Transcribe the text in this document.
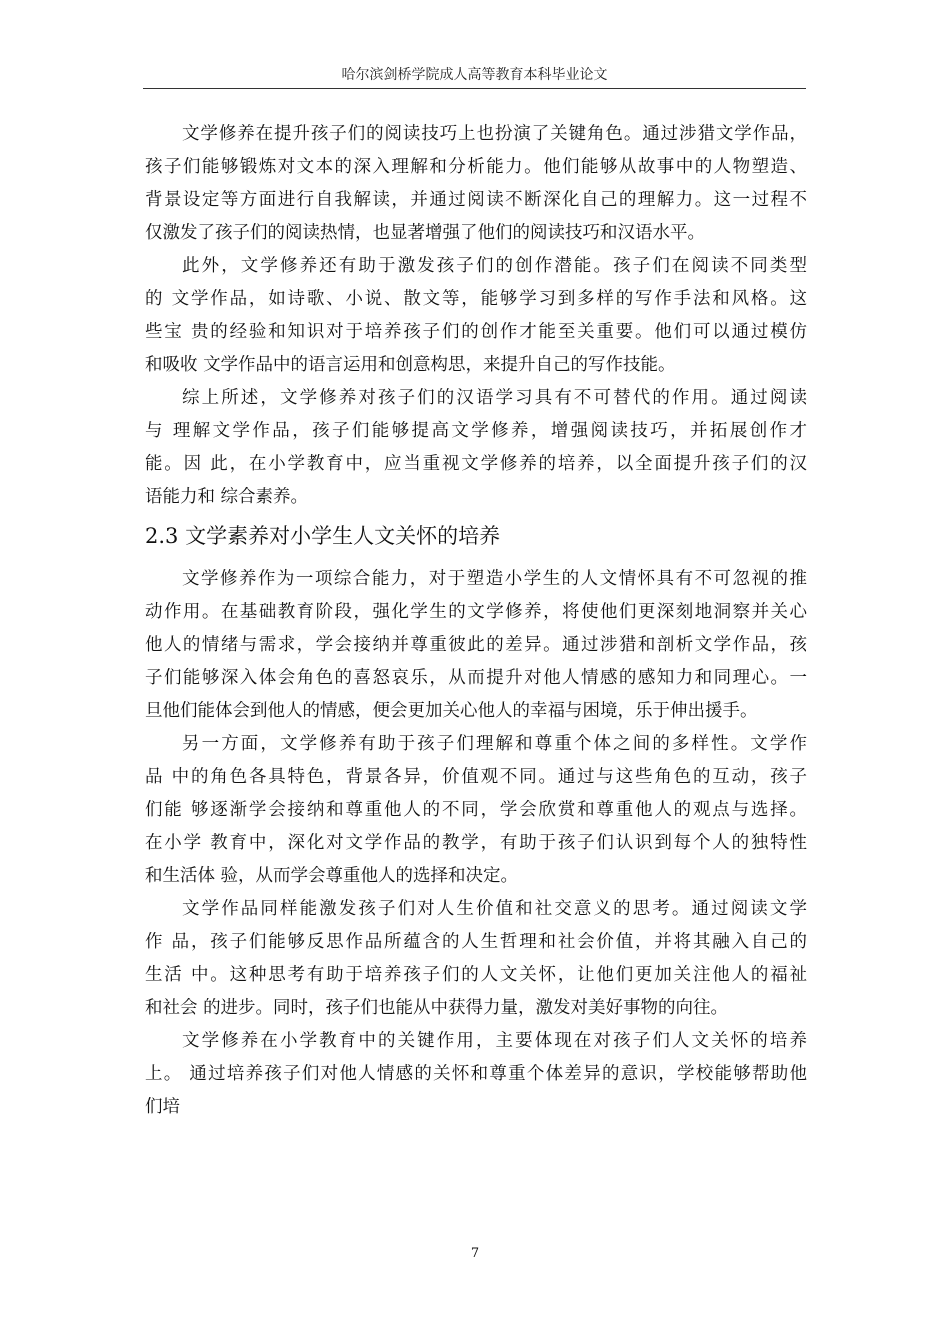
哈尔滨剑桥学院成人高等教育本科毕业论文
文学修养在提升孩子们的阅读技巧上也扮演了关键角色。通过涉猎文学作品，
孩子们能够锻炼对文本的深入理解和分析能力。他们能够从故事中的人物塑造、
背景设定等方面进行自我解读，并通过阅读不断深化自己的理解力。这一过程不
仅激发了孩子们的阅读热情，也显著增强了他们的阅读技巧和汉语水平。
此外，文学修养还有助于激发孩子们的创作潜能。孩子们在阅读不同类型
的 文学作品，如诗歌、小说、散文等，能够学习到多样的写作手法和风格。这
些宝 贵的经验和知识对于培养孩子们的创作才能至关重要。他们可以通过模仿
和吸收 文学作品中的语言运用和创意构思，来提升自己的写作技能。
综上所述，文学修养对孩子们的汉语学习具有不可替代的作用。通过阅读
与 理解文学作品，孩子们能够提高文学修养，增强阅读技巧，并拓展创作才
能。因 此，在小学教育中，应当重视文学修养的培养，以全面提升孩子们的汉
语能力和 综合素养。
2.3 文学素养对小学生人文关怀的培养
文学修养作为一项综合能力，对于塑造小学生的人文情怀具有不可忽视的推
动作用。在基础教育阶段，强化学生的文学修养，将使他们更深刻地洞察并关心
他人的情绪与需求，学会接纳并尊重彼此的差异。通过涉猎和剖析文学作品，孩
子们能够深入体会角色的喜怒哀乐，从而提升对他人情感的感知力和同理心。一
旦他们能体会到他人的情感，便会更加关心他人的幸福与困境，乐于伸出援手。
另一方面，文学修养有助于孩子们理解和尊重个体之间的多样性。文学作
品 中的角色各具特色，背景各异，价值观不同。通过与这些角色的互动，孩子
们能 够逐渐学会接纳和尊重他人的不同，学会欣赏和尊重他人的观点与选择。
在小学 教育中，深化对文学作品的教学，有助于孩子们认识到每个人的独特性
和生活体 验，从而学会尊重他人的选择和决定。
文学作品同样能激发孩子们对人生价值和社交意义的思考。通过阅读文学
作 品，孩子们能够反思作品所蕴含的人生哲理和社会价值，并将其融入自己的
生活 中。这种思考有助于培养孩子们的人文关怀，让他们更加关注他人的福祉
和社会 的进步。同时，孩子们也能从中获得力量，激发对美好事物的向往。
文学修养在小学教育中的关键作用，主要体现在对孩子们人文关怀的培养
上。 通过培养孩子们对他人情感的关怀和尊重个体差异的意识，学校能够帮助他
们培
7
